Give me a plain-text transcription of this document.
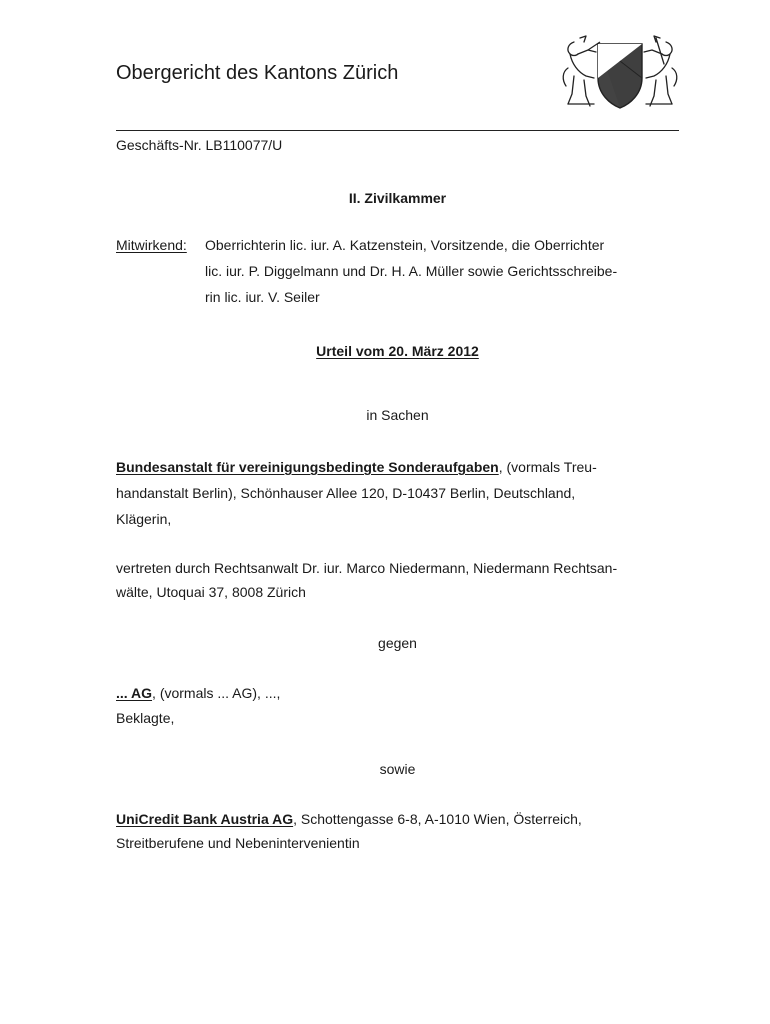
Obergericht des Kantons Zürich
Geschäfts-Nr. LB110077/U
II. Zivilkammer
Mitwirkend: Oberrichterin lic. iur. A. Katzenstein, Vorsitzende, die Oberrichter
lic. iur. P. Diggelmann und Dr. H. A. Müller sowie Gerichtsschreibe-
rin lic. iur. V. Seiler
Urteil vom 20. März 2012
in Sachen
Bundesanstalt für vereinigungsbedingte Sonderaufgaben, (vormals Treu-
handanstalt Berlin), Schönhauser Allee 120, D-10437 Berlin, Deutschland,
Klägerin,
vertreten durch Rechtsanwalt Dr. iur. Marco Niedermann, Niedermann Rechtsan-
wälte, Utoquai 37, 8008 Zürich
gegen
... AG, (vormals ... AG), ...,
Beklagte,
sowie
UniCredit Bank Austria AG, Schottengasse 6-8, A-1010 Wien, Österreich,
Streitberufene und Nebenintervenientin
